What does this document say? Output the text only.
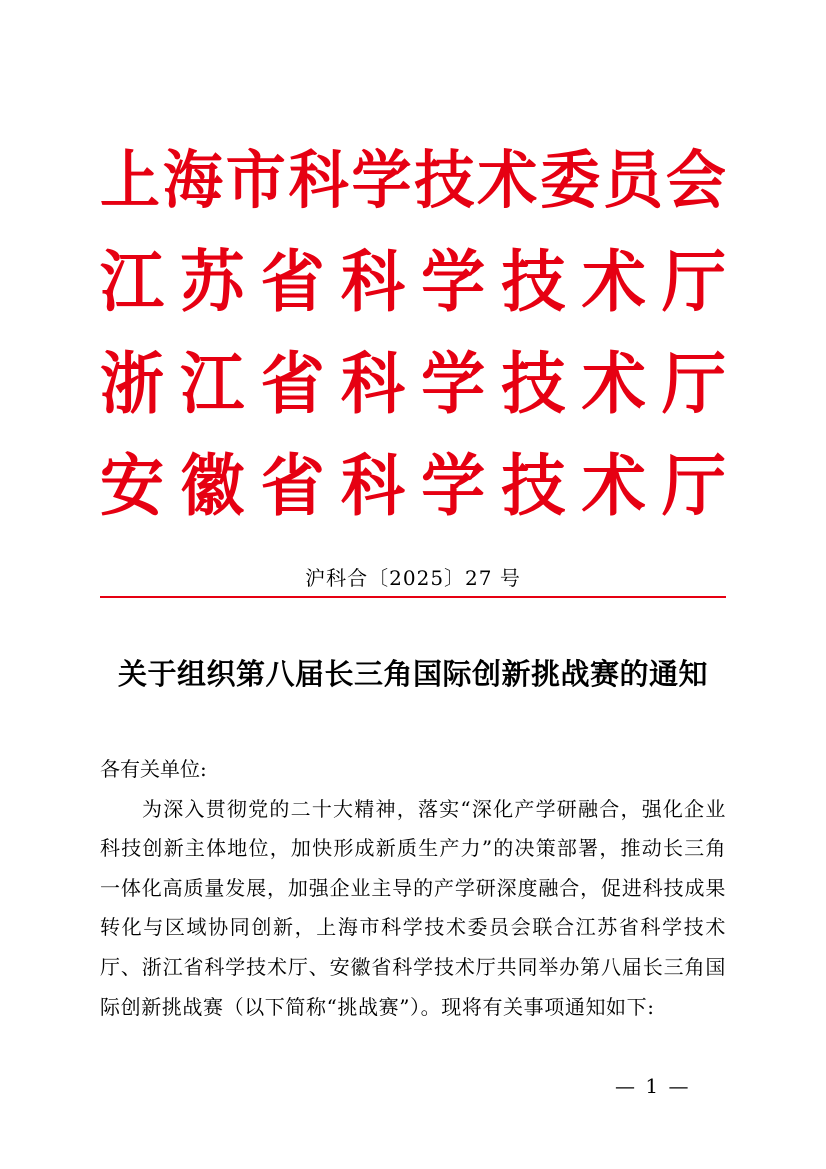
上 海 市 科 学 技 术 委 员 会
江 苏 省 科 学 技 术 厅
浙 江 省 科 学 技 术 厅
安 徽 省 科 学 技 术 厅
沪科合〔2025〕27 号
关于组织第八届长三角国际创新挑战赛的通知

各有关单位:

为深入贯彻党的二十大精神，落实“深化产学研融合，强化企业科技创新主体地位，加快形成新质生产力”的决策部署，推动长三角一体化高质量发展，加强企业主导的产学研深度融合，促进科技成果转化与区域协同创新，上海市科学技术委员会联合江苏省科学技术厅、浙江省科学技术厅、安徽省科学技术厅共同举办第八届长三角国际创新挑战赛（以下简称“挑战赛”）。现将有关事项通知如下:

— 1 —
